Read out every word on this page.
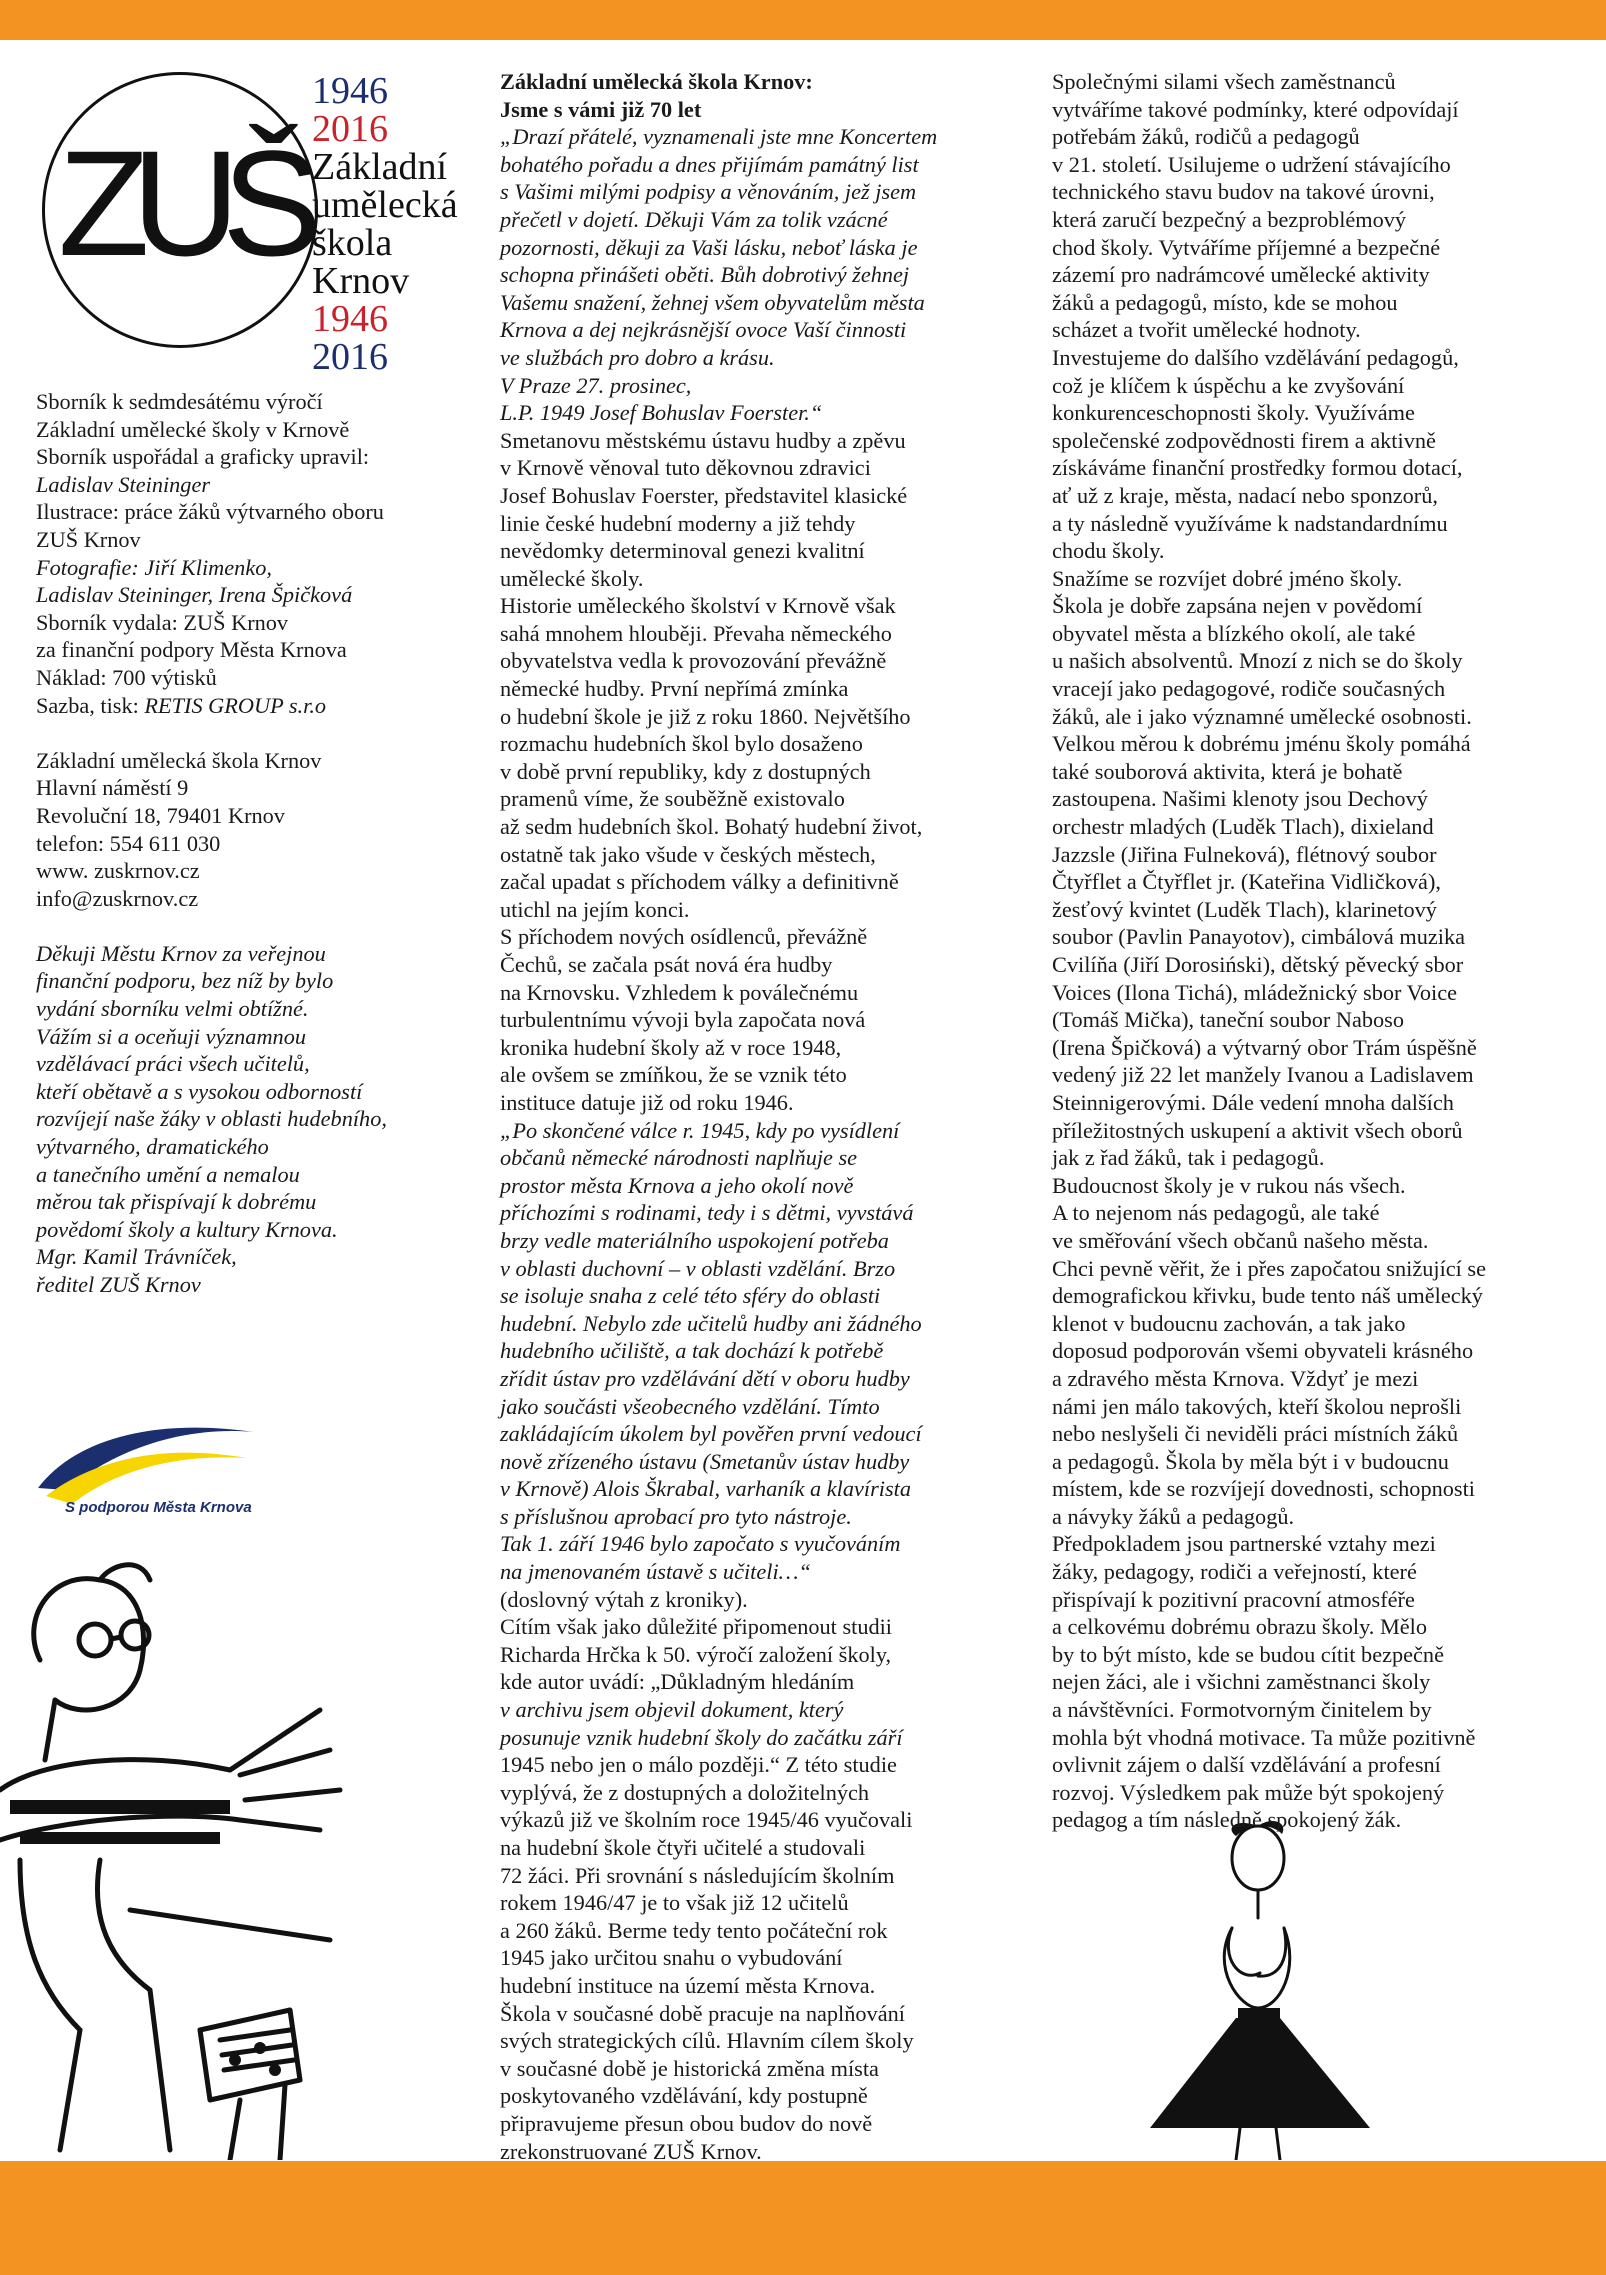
ZUŠ
1946
2016
Základní
umělecká
škola
Krnov
1946
2016
Sborník k sedmdesátému výročí
Základní umělecké školy v Krnově
Sborník uspořádal a graficky upravil:
Ladislav Steininger
Ilustrace: práce žáků výtvarného oboru
ZUŠ Krnov
Fotografie: Jiří Klimenko,
Ladislav Steininger, Irena Špičková
Sborník vydala: ZUŠ Krnov
za finanční podpory Města Krnova
Náklad: 700 výtisků
Sazba, tisk: RETIS GROUP s.r.o
Základní umělecká škola Krnov
Hlavní náměstí 9
Revoluční 18, 79401 Krnov
telefon: 554 611 030
www. zuskrnov.cz
info@zuskrnov.cz
Děkuji Městu Krnov za veřejnou
finanční podporu, bez níž by bylo
vydání sborníku velmi obtížné.
Vážím si a oceňuji významnou
vzdělávací práci všech učitelů,
kteří obětavě a s vysokou odborností
rozvíjejí naše žáky v oblasti hudebního,
výtvarného, dramatického
a tanečního umění a nemalou
měrou tak přispívají k dobrému
povědomí školy a kultury Krnova.
Mgr. Kamil Trávníček,
ředitel ZUŠ Krnov
S podporou Města Krnova
Základní umělecká škola Krnov:
Jsme s vámi již 70 let
„Drazí přátelé, vyznamenali jste mne Koncertem
bohatého pořadu a dnes přijímám památný list
s Vašimi milými podpisy a věnováním, jež jsem
přečetl v dojetí. Děkuji Vám za tolik vzácné
pozornosti, děkuji za Vaši lásku, neboť láska je
schopna přinášeti oběti. Bůh dobrotivý žehnej
Vašemu snažení, žehnej všem obyvatelům města
Krnova a dej nejkrásnější ovoce Vaší činnosti
ve službách pro dobro a krásu.
V Praze 27. prosinec,
L.P. 1949 Josef Bohuslav Foerster.“
Smetanovu městskému ústavu hudby a zpěvu
v Krnově věnoval tuto děkovnou zdravici
Josef Bohuslav Foerster, představitel klasické
linie české hudební moderny a již tehdy
nevědomky determinoval genezi kvalitní
umělecké školy.
Historie uměleckého školství v Krnově však
sahá mnohem hlouběji. Převaha německého
obyvatelstva vedla k provozování převážně
německé hudby. První nepřímá zmínka
o hudební škole je již z roku 1860. Největšího
rozmachu hudebních škol bylo dosaženo
v době první republiky, kdy z dostupných
pramenů víme, že souběžně existovalo
až sedm hudebních škol. Bohatý hudební život,
ostatně tak jako všude v českých městech,
začal upadat s příchodem války a definitivně
utichl na jejím konci.
S příchodem nových osídlenců, převážně
Čechů, se začala psát nová éra hudby
na Krnovsku. Vzhledem k poválečnému
turbulentnímu vývoji byla započata nová
kronika hudební školy až v roce 1948,
ale ovšem se zmíňkou, že se vznik této
instituce datuje již od roku 1946.
„Po skončené válce r. 1945, kdy po vysídlení
občanů německé národnosti naplňuje se
prostor města Krnova a jeho okolí nově
příchozími s rodinami, tedy i s dětmi, vyvstává
brzy vedle materiálního uspokojení potřeba
v oblasti duchovní – v oblasti vzdělání. Brzo
se isoluje snaha z celé této sféry do oblasti
hudební. Nebylo zde učitelů hudby ani žádného
hudebního učiliště, a tak dochází k potřebě
zřídit ústav pro vzdělávání dětí v oboru hudby
jako součásti všeobecného vzdělání. Tímto
zakládajícím úkolem byl pověřen první vedoucí
nově zřízeného ústavu (Smetanův ústav hudby
v Krnově) Alois Škrabal, varhaník a klavírista
s příslušnou aprobací pro tyto nástroje.
Tak 1. září 1946 bylo započato s vyučováním
na jmenovaném ústavě s učiteli…“
(doslovný výtah z kroniky).
Cítím však jako důležité připomenout studii
Richarda Hrčka k 50. výročí založení školy,
kde autor uvádí: „Důkladným hledáním
v archivu jsem objevil dokument, který
posunuje vznik hudební školy do začátku září
1945 nebo jen o málo později.“ Z této studie
vyplývá, že z dostupných a doložitelných
výkazů již ve školním roce 1945/46 vyučovali
na hudební škole čtyři učitelé a studovali
72 žáci. Při srovnání s následujícím školním
rokem 1946/47 je to však již 12 učitelů
a 260 žáků. Berme tedy tento počáteční rok
1945 jako určitou snahu o vybudování
hudební instituce na území města Krnova.
Škola v současné době pracuje na naplňování
svých strategických cílů. Hlavním cílem školy
v současné době je historická změna místa
poskytovaného vzdělávání, kdy postupně
připravujeme přesun obou budov do nově
zrekonstruované ZUŠ Krnov.
Společnými silami všech zaměstnanců
vytváříme takové podmínky, které odpovídají
potřebám žáků, rodičů a pedagogů
v 21. století. Usilujeme o udržení stávajícího
technického stavu budov na takové úrovni,
která zaručí bezpečný a bezproblémový
chod školy. Vytváříme příjemné a bezpečné
zázemí pro nadrámcové umělecké aktivity
žáků a pedagogů, místo, kde se mohou
scházet a tvořit umělecké hodnoty.
Investujeme do dalšího vzdělávání pedagogů,
což je klíčem k úspěchu a ke zvyšování
konkurenceschopnosti školy. Využíváme
společenské zodpovědnosti firem a aktivně
získáváme finanční prostředky formou dotací,
ať už z kraje, města, nadací nebo sponzorů,
a ty následně využíváme k nadstandardnímu
chodu školy.
Snažíme se rozvíjet dobré jméno školy.
Škola je dobře zapsána nejen v povědomí
obyvatel města a blízkého okolí, ale také
u našich absolventů. Mnozí z nich se do školy
vracejí jako pedagogové, rodiče současných
žáků, ale i jako významné umělecké osobnosti.
Velkou měrou k dobrému jménu školy pomáhá
také souborová aktivita, která je bohatě
zastoupena. Našimi klenoty jsou Dechový
orchestr mladých (Luděk Tlach), dixieland
Jazzsle (Jiřina Fulneková), flétnový soubor
Čtyřflet a Čtyřflet jr. (Kateřina Vidličková),
žesťový kvintet (Luděk Tlach), klarinetový
soubor (Pavlin Panayotov), cimbálová muzika
Cvilíňa (Jiří Dorosiński), dětský pěvecký sbor
Voices (Ilona Tichá), mládežnický sbor Voice
(Tomáš Mička), taneční soubor Naboso
(Irena Špičková) a výtvarný obor Trám úspěšně
vedený již 22 let manžely Ivanou a Ladislavem
Steinnigerovými. Dále vedení mnoha dalších
příležitostných uskupení a aktivit všech oborů
jak z řad žáků, tak i pedagogů.
Budoucnost školy je v rukou nás všech.
A to nejenom nás pedagogů, ale také
ve směřování všech občanů našeho města.
Chci pevně věřit, že i přes započatou snižující se
demografickou křivku, bude tento náš umělecký
klenot v budoucnu zachován, a tak jako
doposud podporován všemi obyvateli krásného
a zdravého města Krnova. Vždyť je mezi
námi jen málo takových, kteří školou neprošli
nebo neslyšeli či neviděli práci místních žáků
a pedagogů. Škola by měla být i v budoucnu
místem, kde se rozvíjejí dovednosti, schopnosti
a návyky žáků a pedagogů.
Předpokladem jsou partnerské vztahy mezi
žáky, pedagogy, rodiči a veřejností, které
přispívají k pozitivní pracovní atmosféře
a celkovému dobrému obrazu školy. Mělo
by to být místo, kde se budou cítit bezpečně
nejen žáci, ale i všichni zaměstnanci školy
a návštěvníci. Formotvorným činitelem by
mohla být vhodná motivace. Ta může pozitivně
ovlivnit zájem o další vzdělávání a profesní
rozvoj. Výsledkem pak může být spokojený
pedagog a tím následně spokojený žák.
